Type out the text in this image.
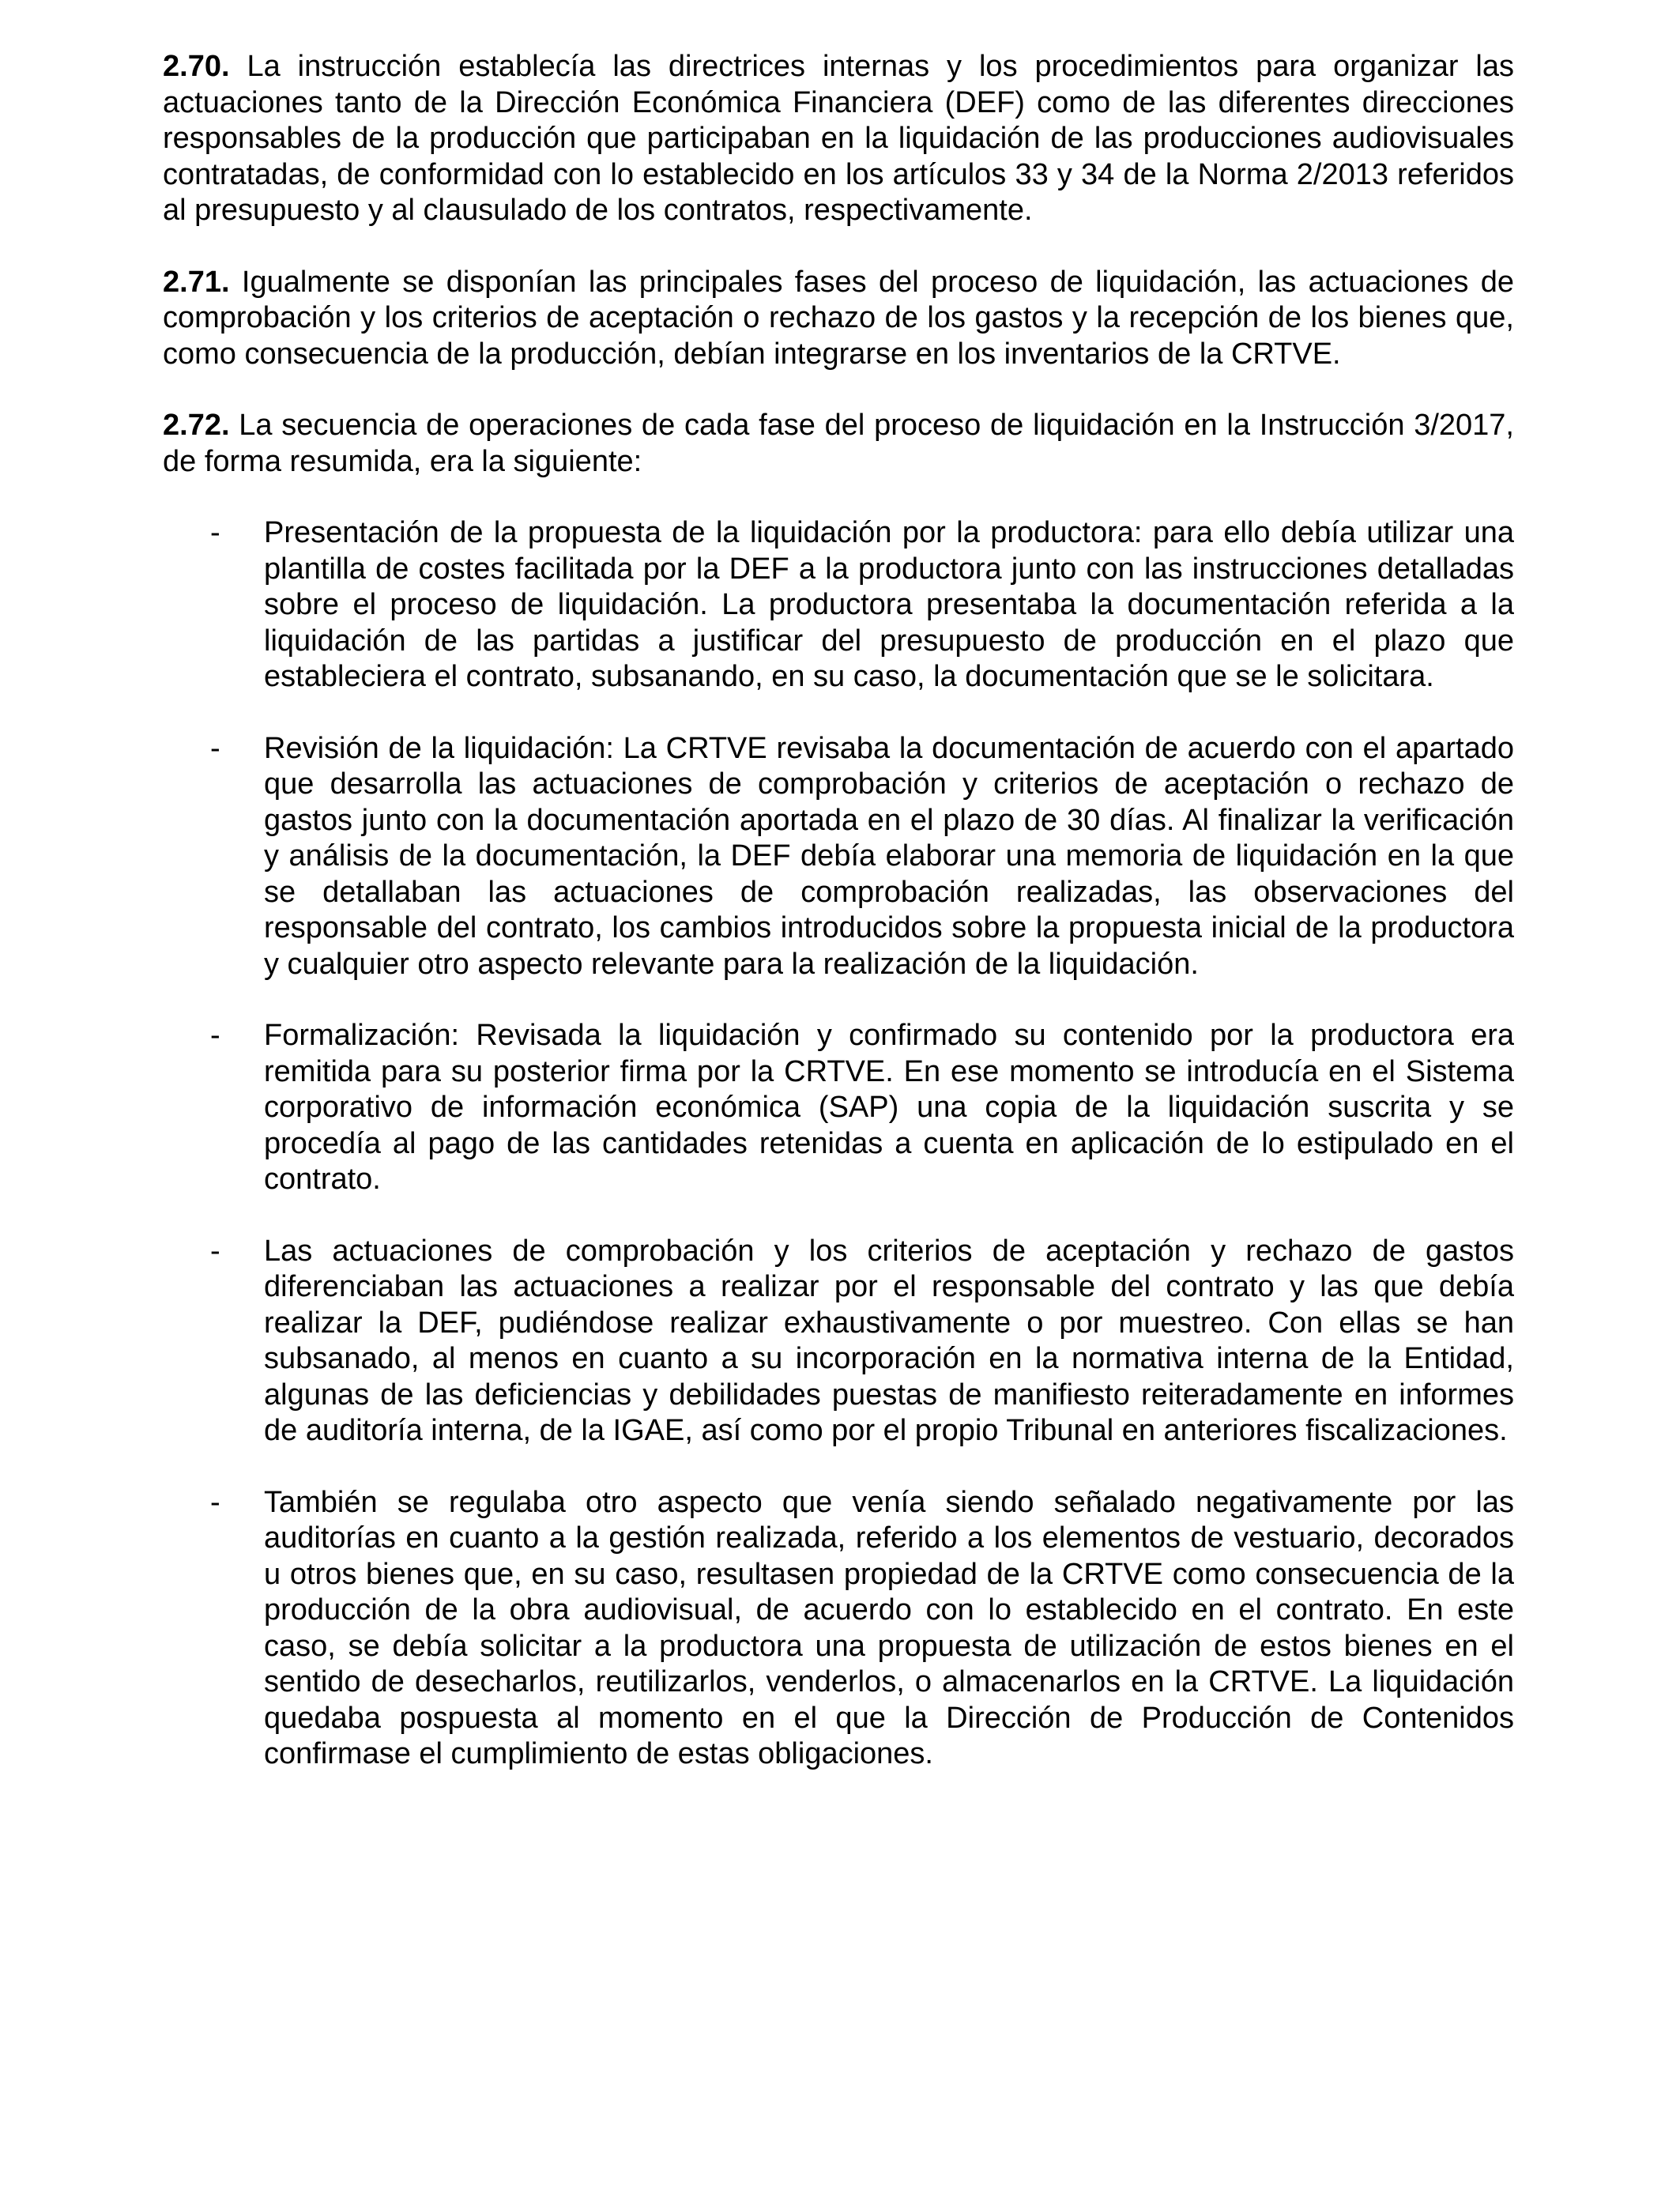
2.70. La instrucción establecía las directrices internas y los procedimientos para organizar las actuaciones tanto de la Dirección Económica Financiera (DEF) como de las diferentes direcciones responsables de la producción que participaban en la liquidación de las producciones audiovisuales contratadas, de conformidad con lo establecido en los artículos 33 y 34 de la Norma 2/2013 referidos al presupuesto y al clausulado de los contratos, respectivamente.

2.71. Igualmente se disponían las principales fases del proceso de liquidación, las actuaciones de comprobación y los criterios de aceptación o rechazo de los gastos y la recepción de los bienes que, como consecuencia de la producción, debían integrarse en los inventarios de la CRTVE.

2.72. La secuencia de operaciones de cada fase del proceso de liquidación en la Instrucción 3/2017, de forma resumida, era la siguiente:

- Presentación de la propuesta de la liquidación por la productora: para ello debía utilizar una plantilla de costes facilitada por la DEF a la productora junto con las instrucciones detalladas sobre el proceso de liquidación. La productora presentaba la documentación referida a la liquidación de las partidas a justificar del presupuesto de producción en el plazo que estableciera el contrato, subsanando, en su caso, la documentación que se le solicitara.
- Revisión de la liquidación: La CRTVE revisaba la documentación de acuerdo con el apartado que desarrolla las actuaciones de comprobación y criterios de aceptación o rechazo de gastos junto con la documentación aportada en el plazo de 30 días. Al finalizar la verificación y análisis de la documentación, la DEF debía elaborar una memoria de liquidación en la que se detallaban las actuaciones de comprobación realizadas, las observaciones del responsable del contrato, los cambios introducidos sobre la propuesta inicial de la productora y cualquier otro aspecto relevante para la realización de la liquidación.
- Formalización: Revisada la liquidación y confirmado su contenido por la productora era remitida para su posterior firma por la CRTVE. En ese momento se introducía en el Sistema corporativo de información económica (SAP) una copia de la liquidación suscrita y se procedía al pago de las cantidades retenidas a cuenta en aplicación de lo estipulado en el contrato.
- Las actuaciones de comprobación y los criterios de aceptación y rechazo de gastos diferenciaban las actuaciones a realizar por el responsable del contrato y las que debía realizar la DEF, pudiéndose realizar exhaustivamente o por muestreo. Con ellas se han subsanado, al menos en cuanto a su incorporación en la normativa interna de la Entidad, algunas de las deficiencias y debilidades puestas de manifiesto reiteradamente en informes de auditoría interna, de la IGAE, así como por el propio Tribunal en anteriores fiscalizaciones.
- También se regulaba otro aspecto que venía siendo señalado negativamente por las auditorías en cuanto a la gestión realizada, referido a los elementos de vestuario, decorados u otros bienes que, en su caso, resultasen propiedad de la CRTVE como consecuencia de la producción de la obra audiovisual, de acuerdo con lo establecido en el contrato. En este caso, se debía solicitar a la productora una propuesta de utilización de estos bienes en el sentido de desecharlos, reutilizarlos, venderlos, o almacenarlos en la CRTVE. La liquidación quedaba pospuesta al momento en el que la Dirección de Producción de Contenidos confirmase el cumplimiento de estas obligaciones.
